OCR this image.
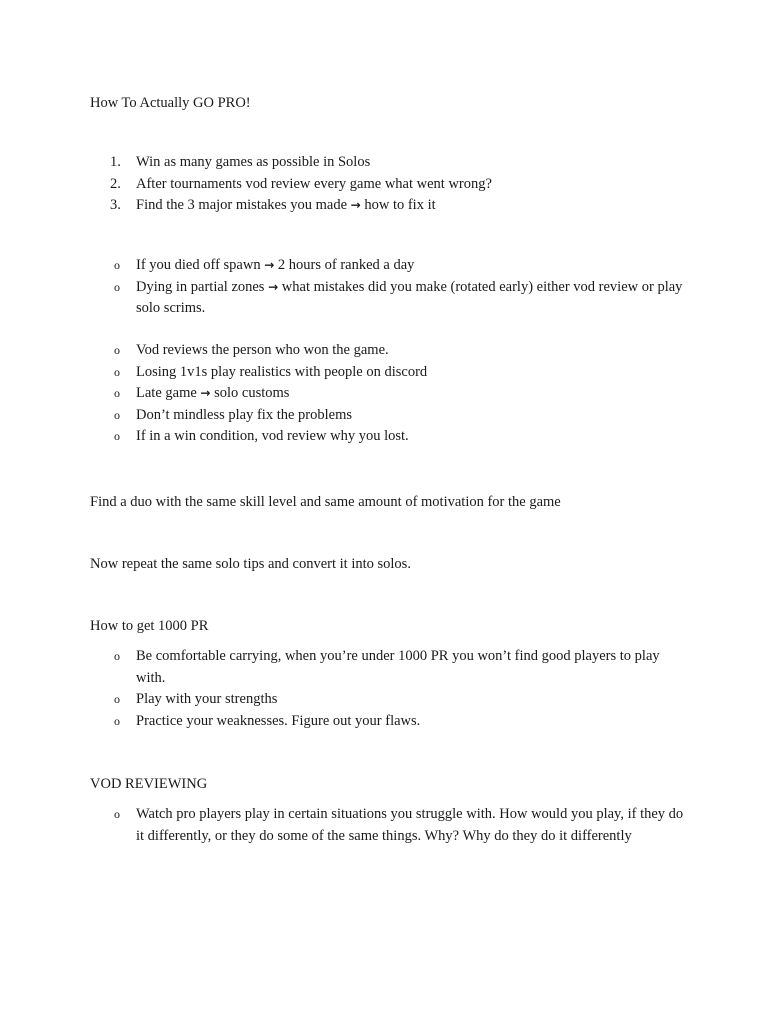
How To Actually GO PRO!
1.	Win as many games as possible in Solos
2.	After tournaments vod review every game what went wrong?
3.	Find the 3 major mistakes you made → how to fix it
o	If you died off spawn → 2 hours of ranked a day
o	Dying in partial zones → what mistakes did you make (rotated early) either vod review or play solo scrims.
o	Vod reviews the person who won the game.
o	Losing 1v1s play realistics with people on discord
o	Late game → solo customs
o	Don’t mindless play fix the problems
o	If in a win condition, vod review why you lost.
Find a duo with the same skill level and same amount of motivation for the game
Now repeat the same solo tips and convert it into solos.
How to get 1000 PR
o	Be comfortable carrying, when you’re under 1000 PR you won’t find good players to play with.
o	Play with your strengths
o	Practice your weaknesses. Figure out your flaws.
VOD REVIEWING
o	Watch pro players play in certain situations you struggle with. How would you play, if they do it differently, or they do some of the same things. Why? Why do they do it differently
